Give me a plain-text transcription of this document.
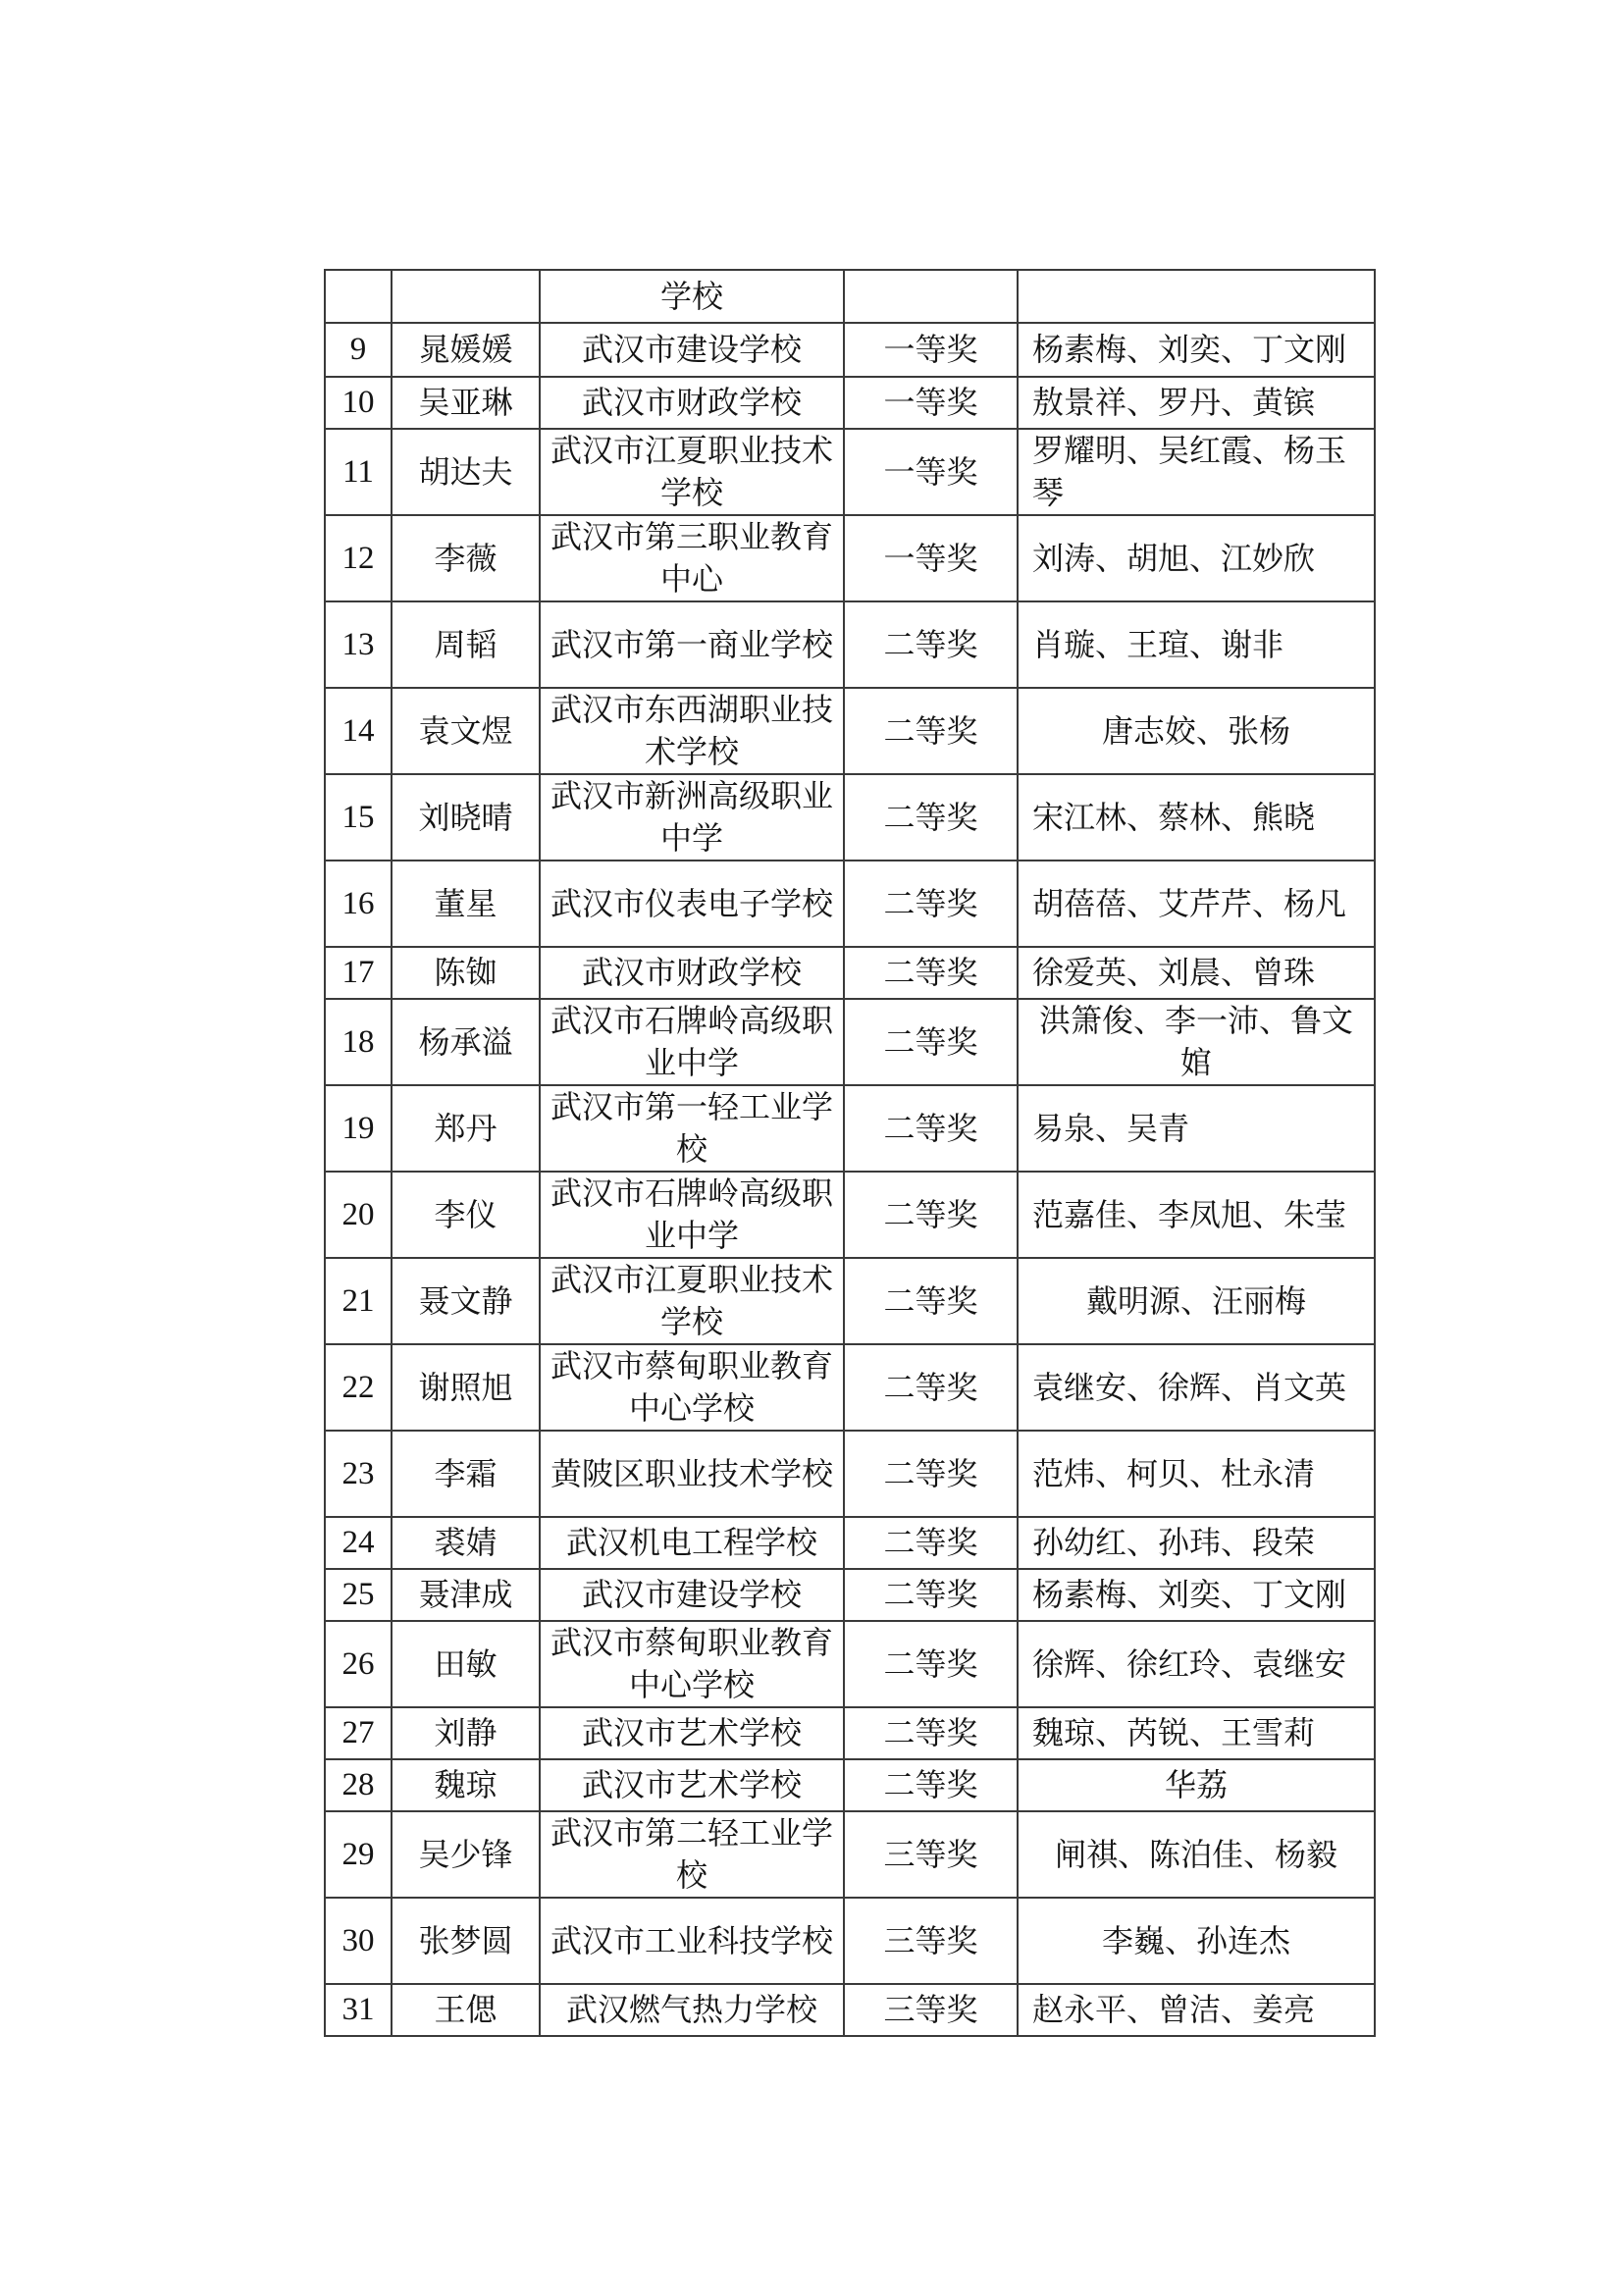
		学校		
9	晁媛媛	武汉市建设学校	一等奖	杨素梅、刘奕、丁文刚
10	吴亚琳	武汉市财政学校	一等奖	敖景祥、罗丹、黄镔
11	胡达夫	武汉市江夏职业技术学校	一等奖	罗耀明、吴红霞、杨玉琴
12	李薇	武汉市第三职业教育中心	一等奖	刘涛、胡旭、江妙欣
13	周韬	武汉市第一商业学校	二等奖	肖璇、王瑄、谢非
14	袁文煜	武汉市东西湖职业技术学校	二等奖	唐志姣、张杨
15	刘晓晴	武汉市新洲高级职业中学	二等奖	宋江林、蔡林、熊晓
16	董星	武汉市仪表电子学校	二等奖	胡蓓蓓、艾芹芹、杨凡
17	陈铷	武汉市财政学校	二等奖	徐爱英、刘晨、曾珠
18	杨承溢	武汉市石牌岭高级职业中学	二等奖	洪箫俊、李一沛、鲁文婠
19	郑丹	武汉市第一轻工业学校	二等奖	易泉、吴青
20	李仪	武汉市石牌岭高级职业中学	二等奖	范嘉佳、李凤旭、朱莹
21	聂文静	武汉市江夏职业技术学校	二等奖	戴明源、汪丽梅
22	谢照旭	武汉市蔡甸职业教育中心学校	二等奖	袁继安、徐辉、肖文英
23	李霜	黄陂区职业技术学校	二等奖	范炜、柯贝、杜永清
24	裘婧	武汉机电工程学校	二等奖	孙幼红、孙玮、段荣
25	聂津成	武汉市建设学校	二等奖	杨素梅、刘奕、丁文刚
26	田敏	武汉市蔡甸职业教育中心学校	二等奖	徐辉、徐红玲、袁继安
27	刘静	武汉市艺术学校	二等奖	魏琼、芮锐、王雪莉
28	魏琼	武汉市艺术学校	二等奖	华荔
29	吴少锋	武汉市第二轻工业学校	三等奖	闸祺、陈泊佳、杨毅
30	张梦圆	武汉市工业科技学校	三等奖	李巍、孙连杰
31	王偲	武汉燃气热力学校	三等奖	赵永平、曾洁、姜亮
